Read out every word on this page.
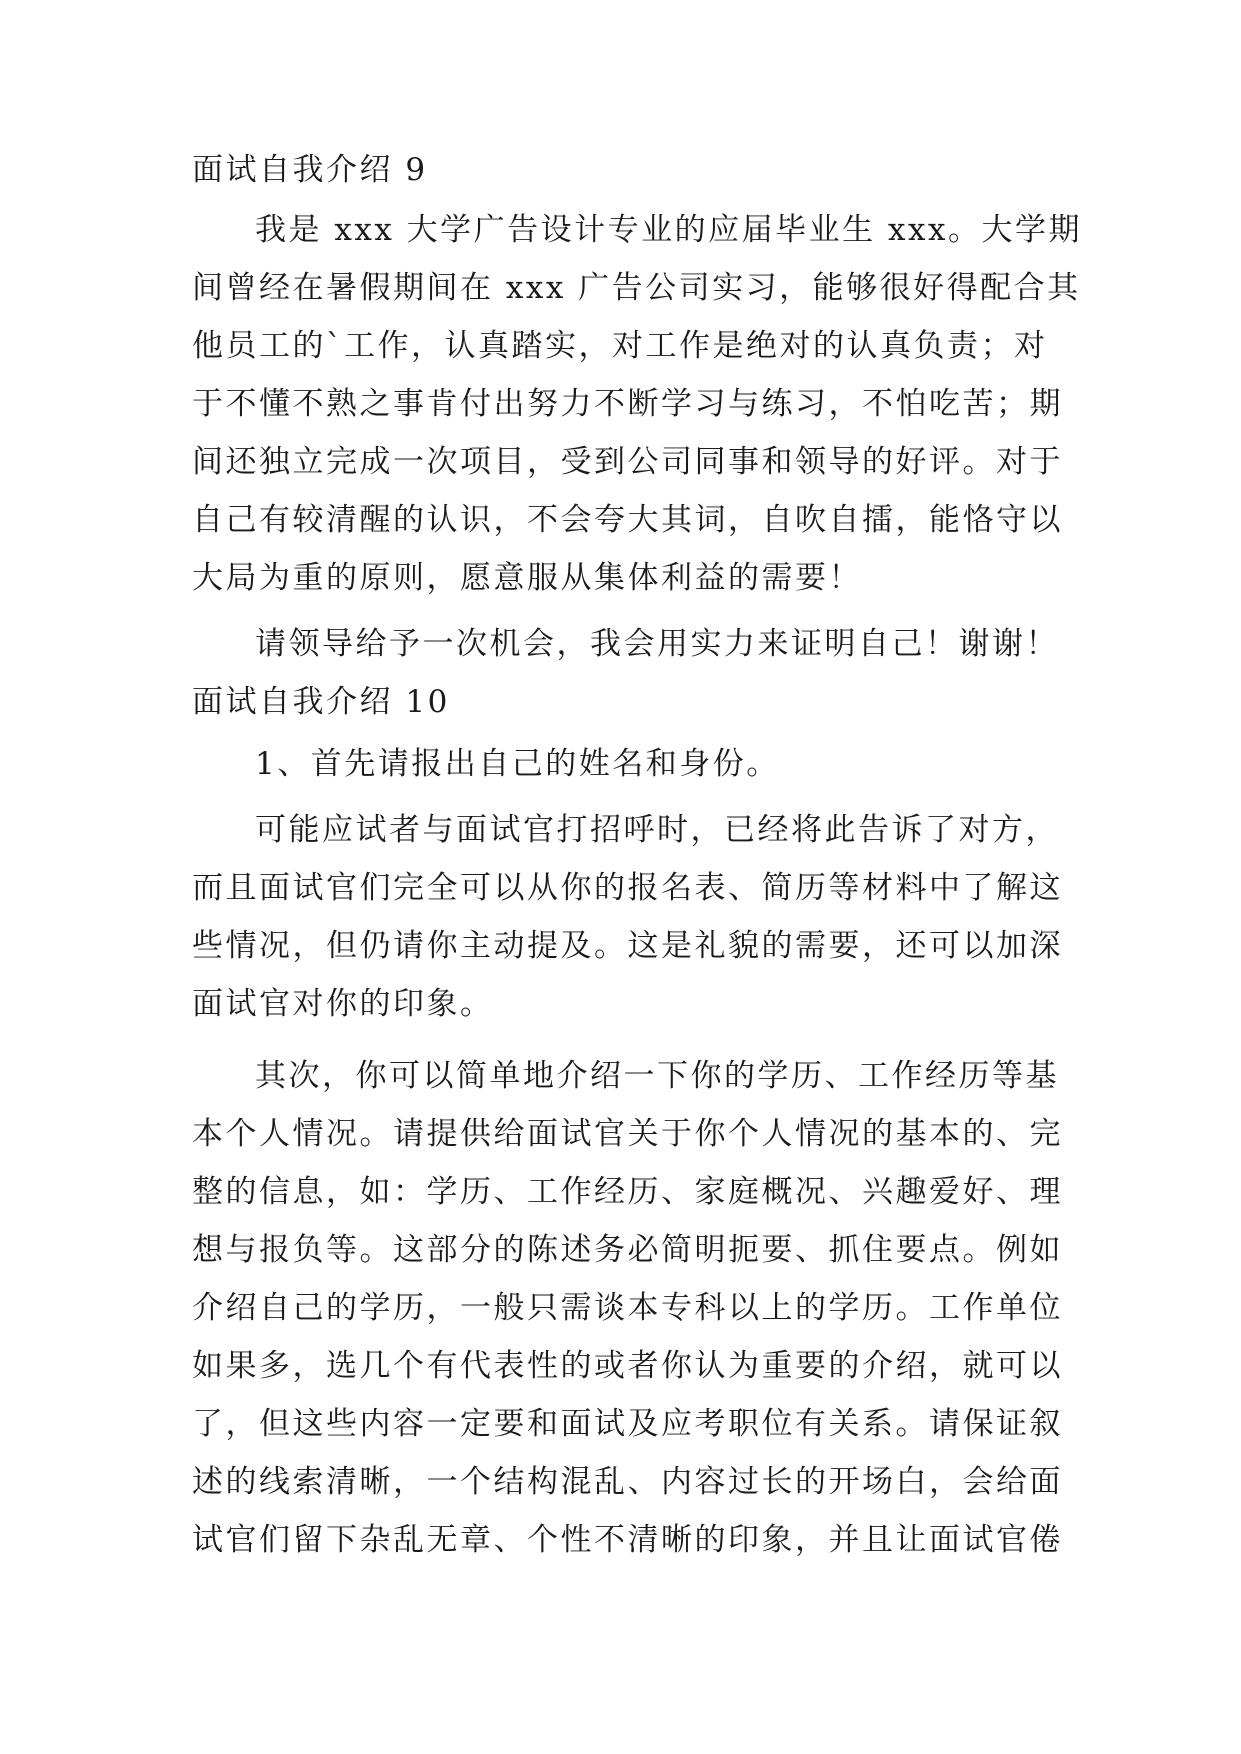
面试自我介绍 9
我是 xxx 大学广告设计专业的应届毕业生 xxx。大学期
间曾经在暑假期间在 xxx 广告公司实习，能够很好得配合其
他员工的`工作，认真踏实，对工作是绝对的认真负责；对
于不懂不熟之事肯付出努力不断学习与练习，不怕吃苦；期
间还独立完成一次项目，受到公司同事和领导的好评。对于
自己有较清醒的认识，不会夸大其词，自吹自擂，能恪守以
大局为重的原则，愿意服从集体利益的需要！
请领导给予一次机会，我会用实力来证明自己！谢谢！
面试自我介绍 10
1、首先请报出自己的姓名和身份。
可能应试者与面试官打招呼时，已经将此告诉了对方，
而且面试官们完全可以从你的报名表、简历等材料中了解这
些情况，但仍请你主动提及。这是礼貌的需要，还可以加深
面试官对你的印象。
其次，你可以简单地介绍一下你的学历、工作经历等基
本个人情况。请提供给面试官关于你个人情况的基本的、完
整的信息，如：学历、工作经历、家庭概况、兴趣爱好、理
想与报负等。这部分的陈述务必简明扼要、抓住要点。例如
介绍自己的学历，一般只需谈本专科以上的学历。工作单位
如果多，选几个有代表性的或者你认为重要的介绍，就可以
了，但这些内容一定要和面试及应考职位有关系。请保证叙
述的线索清晰，一个结构混乱、内容过长的开场白，会给面
试官们留下杂乱无章、个性不清晰的印象，并且让面试官倦
